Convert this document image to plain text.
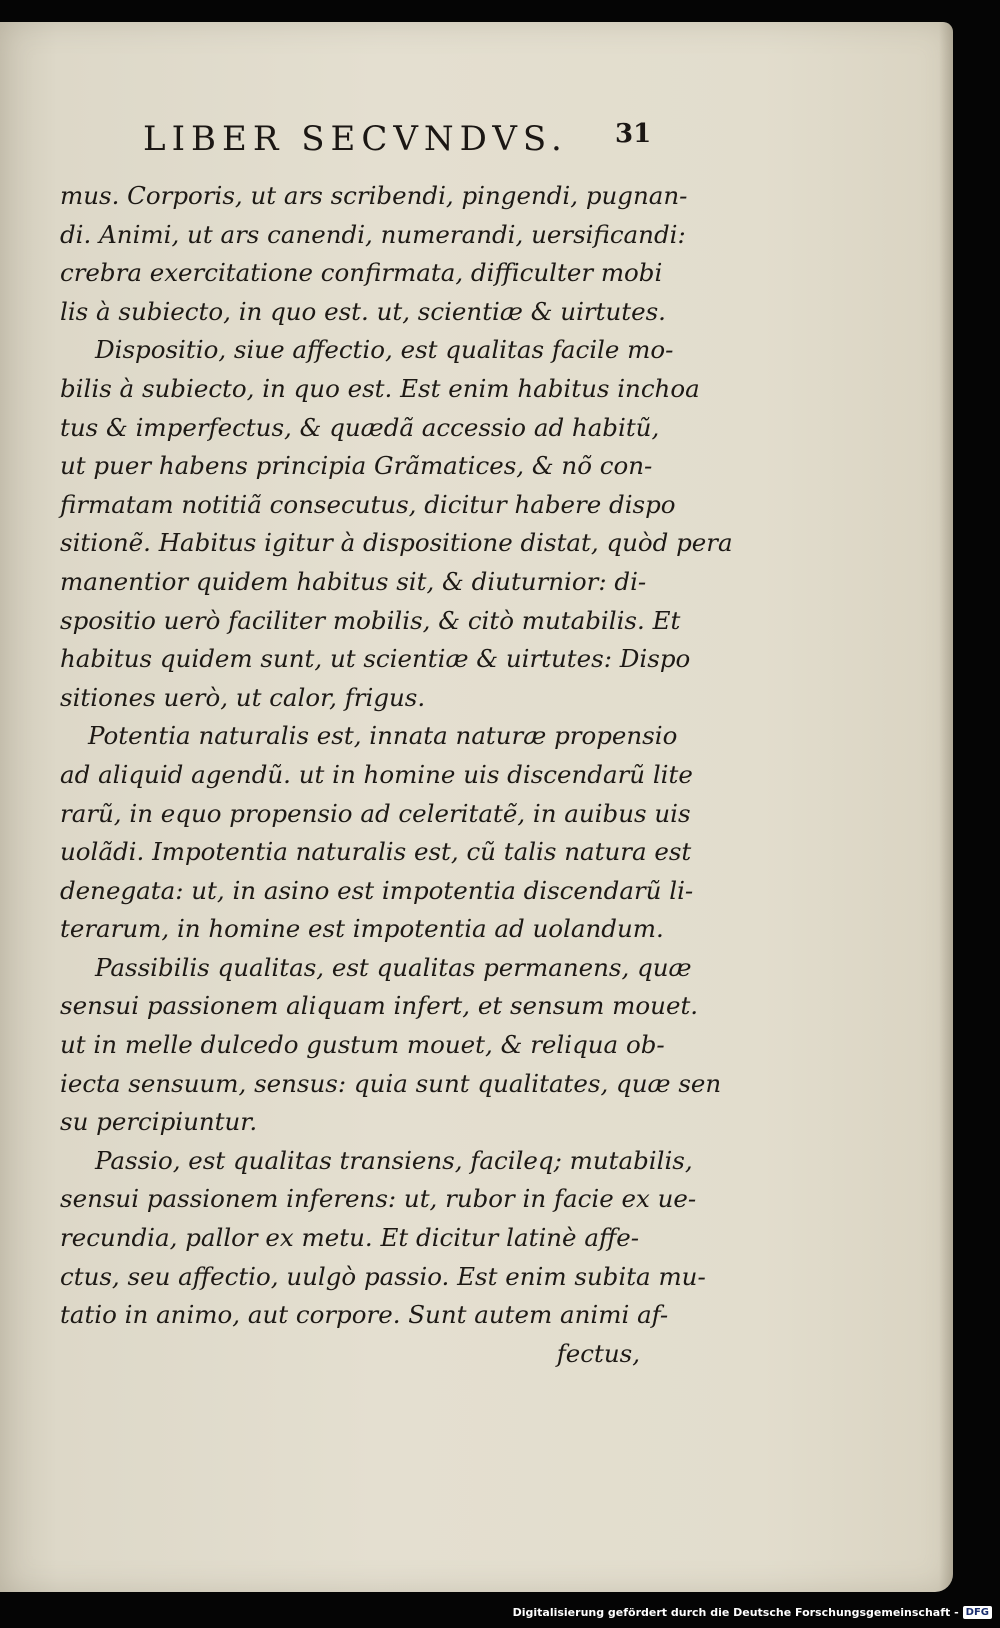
LIBER SECVNDVS. 31
mus. Corporis, ut ars scribendi, pingendi, pugnan-
di. Animi, ut ars canendi, numerandi, uersificandi:
crebra exercitatione confirmata, difficulter mobi
lis à subiecto, in quo est. ut, scientiæ & uirtutes.
Dispositio, siue affectio, est qualitas facile mo-
bilis à subiecto, in quo est. Est enim habitus inchoa
tus & imperfectus, & quædã accessio ad habitũ,
ut puer habens principia Grãmatices, & nõ con-
firmatam notitiã consecutus, dicitur habere dispo
sitionẽ. Habitus igitur à dispositione distat, quòd pera
manentior quidem habitus sit, & diuturnior: di-
spositio uerò faciliter mobilis, & citò mutabilis. Et
habitus quidem sunt, ut scientiæ & uirtutes: Dispo
sitiones uerò, ut calor, frigus.
Potentia naturalis est, innata naturæ propensio
ad aliquid agendũ. ut in homine uis discendarũ lite
rarũ, in equo propensio ad celeritatẽ, in auibus uis
uolãdi. Impotentia naturalis est, cũ talis natura est
denegata: ut, in asino est impotentia discendarũ li-
terarum, in homine est impotentia ad uolandum.
Passibilis qualitas, est qualitas permanens, quæ
sensui passionem aliquam infert, et sensum mouet.
ut in melle dulcedo gustum mouet, & reliqua ob-
iecta sensuum, sensus: quia sunt qualitates, quæ sen
su percipiuntur.
Passio, est qualitas transiens, facileq; mutabilis,
sensui passionem inferens: ut, rubor in facie ex ue-
recundia, pallor ex metu. Et dicitur latinè affe-
ctus, seu affectio, uulgò passio. Est enim subita mu-
tatio in animo, aut corpore. Sunt autem animi af-
fectus,
Digitalisierung gefördert durch die Deutsche Forschungsgemeinschaft - DFG
